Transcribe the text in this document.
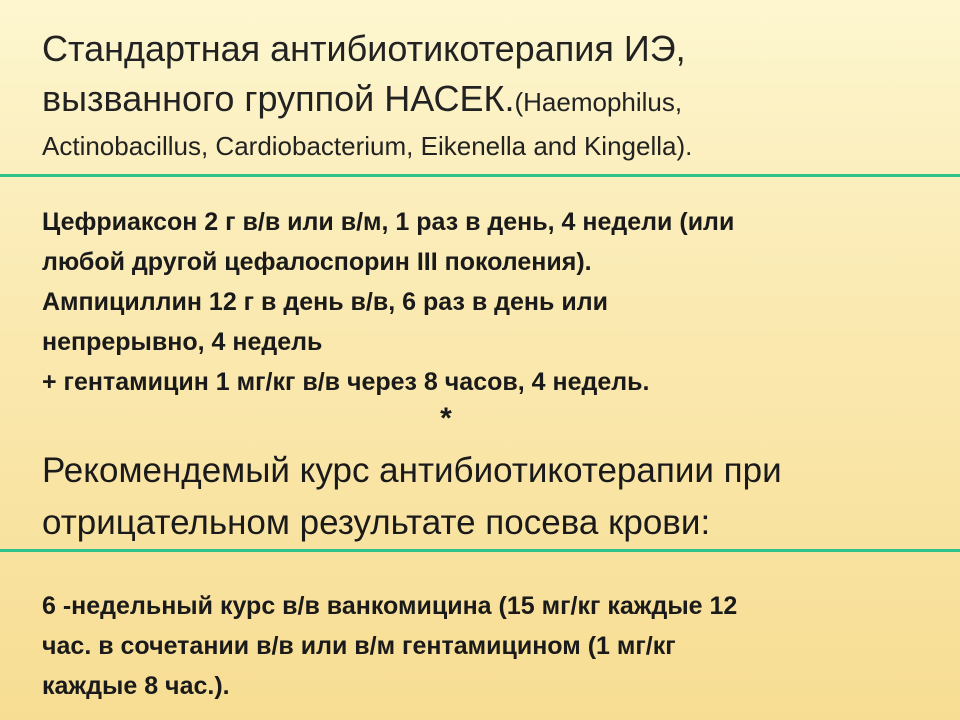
Стандартная антибиотикотерапия ИЭ,
вызванного группой НАСЕК.(Haemophilus,
Actinobacillus, Cardiobacterium, Eikenella and Kingella).
Цефриаксон 2 г в/в или в/м, 1 раз в день, 4 недели (или
любой другой цефалоспорин III поколения).
Ампициллин 12 г в день в/в, 6 раз в день или
непрерывно, 4 недель
+ гентамицин 1 мг/кг в/в через 8 часов, 4 недель.
*
Рекомендемый курс антибиотикотерапии при
отрицательном результате посева крови:
6 -недельный курс в/в ванкомицина (15 мг/кг каждые 12
час. в сочетании в/в или в/м гентамицином (1 мг/кг
каждые 8 час.).
